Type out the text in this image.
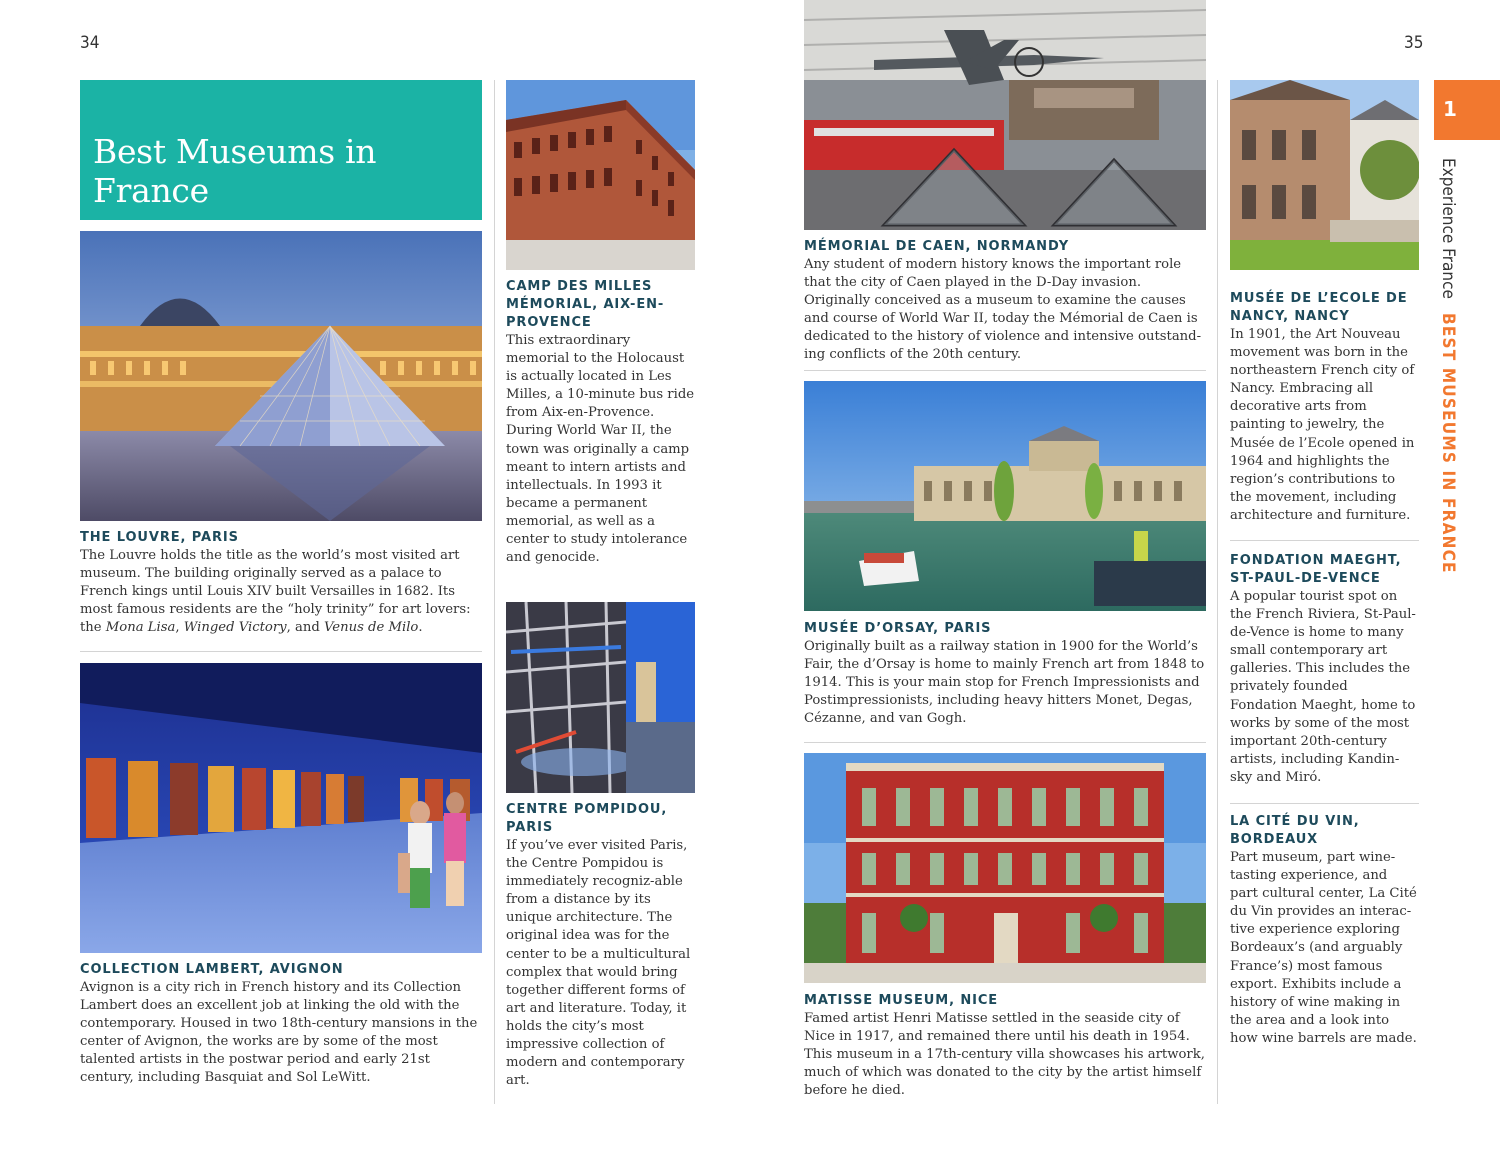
34	35
Best Museums in France
THE LOUVRE, PARIS
The Louvre holds the title as the world’s most visited art museum. The building originally served as a palace to French kings until Louis XIV built Versailles in 1682. Its most famous residents are the “holy trinity” for art lovers: the Mona Lisa, Winged Victory, and Venus de Milo.
COLLECTION LAMBERT, AVIGNON
Avignon is a city rich in French history and its Collection Lambert does an excellent job at linking the old with the contemporary. Housed in two 18th-century mansions in the center of Avignon, the works are by some of the most talented artists in the postwar period and early 21st century, including Basquiat and Sol LeWitt.
CAMP DES MILLES MÉMORIAL, AIX-EN-PROVENCE
This extraordinary memorial to the Holocaust is actually located in Les Milles, a 10-minute bus ride from Aix-en-Provence. During World War II, the town was originally a camp meant to intern artists and intellectuals. In 1993 it became a permanent memorial, as well as a center to study intolerance and genocide.
CENTRE POMPIDOU, PARIS
If you’ve ever visited Paris, the Centre Pompidou is immediately recogniz-able from a distance by its unique architecture. The original idea was for the center to be a multicultural complex that would bring together different forms of art and literature. Today, it holds the city’s most impressive collection of modern and contemporary art.
MÉMORIAL DE CAEN, NORMANDY
Any student of modern history knows the important role that the city of Caen played in the D-Day invasion. Originally conceived as a museum to examine the causes and course of World War II, today the Mémorial de Caen is dedicated to the history of violence and intensive outstand-ing conflicts of the 20th century.
MUSÉE D’ORSAY, PARIS
Originally built as a railway station in 1900 for the World’s Fair, the d’Orsay is home to mainly French art from 1848 to 1914. This is your main stop for French Impressionists and Postimpressionists, including heavy hitters Monet, Degas, Cézanne, and van Gogh.
MATISSE MUSEUM, NICE
Famed artist Henri Matisse settled in the seaside city of Nice in 1917, and remained there until his death in 1954. This museum in a 17th-century villa showcases his artwork, much of which was donated to the city by the artist himself before he died.
MUSÉE DE L’ECOLE DE NANCY, NANCY
In 1901, the Art Nouveau movement was born in the northeastern French city of Nancy. Embracing all decorative arts from painting to jewelry, the Musée de l’Ecole opened in 1964 and highlights the region’s contributions to the movement, including architecture and furniture.
FONDATION MAEGHT, ST-PAUL-DE-VENCE
A popular tourist spot on the French Riviera, St-Paul-de-Vence is home to many small contemporary art galleries. This includes the privately founded Fondation Maeght, home to works by some of the most important 20th-century artists, including Kandin-sky and Miró.
LA CITÉ DU VIN, BORDEAUX
Part museum, part wine-tasting experience, and part cultural center, La Cité du Vin provides an interac-tive experience exploring Bordeaux’s (and arguably France’s) most famous export. Exhibits include a history of wine making in the area and a look into how wine barrels are made.
1
Experience FranceBEST MUSEUMS IN FRANCE
